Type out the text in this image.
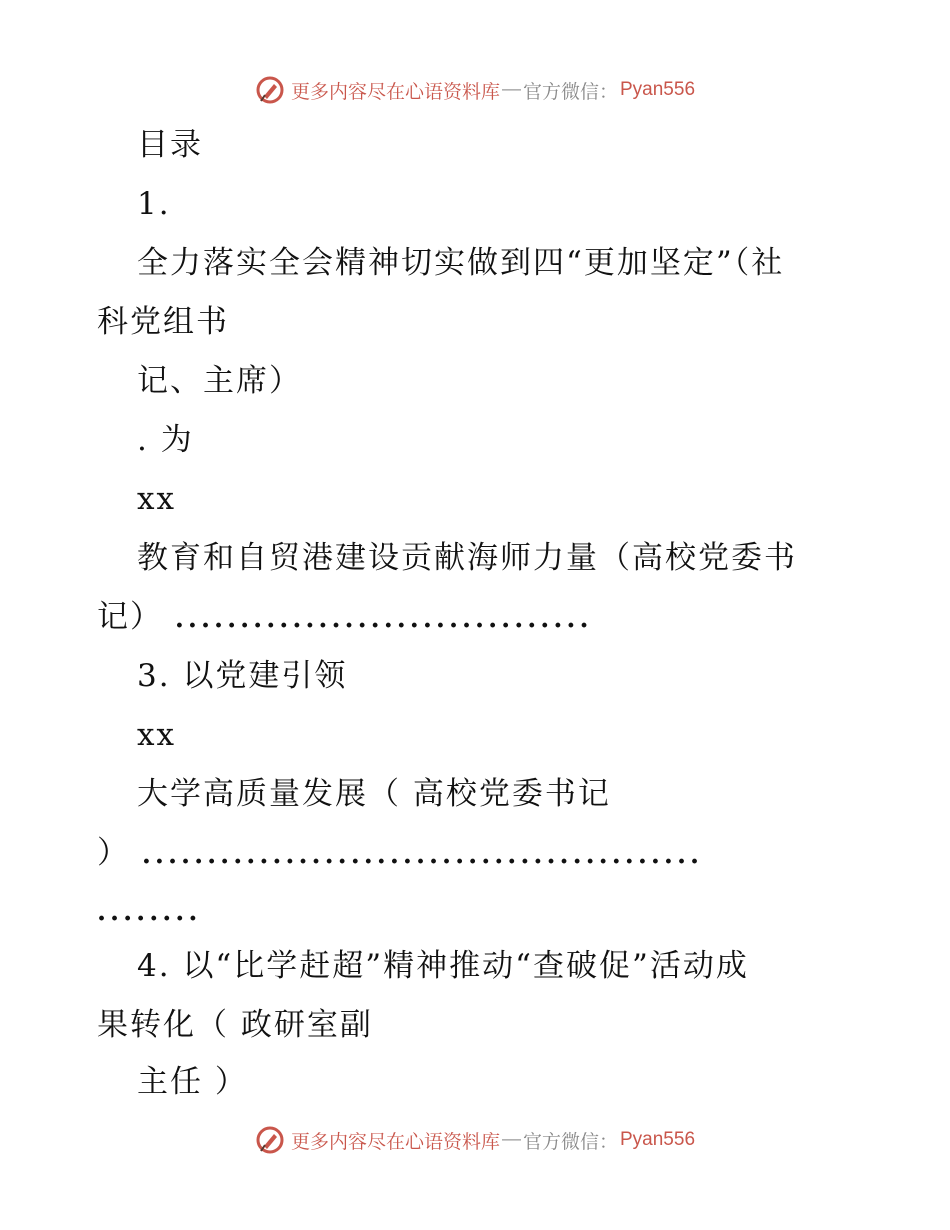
更多内容尽在心语资料库 — 官方微信： Pyan556
目录
1.
全力落实全会精神切实做到四“更加坚定”（社
科党组书
记、主席）
. 为
xx
教育和自贸港建设贡献海师力量（高校党委书
记） ................................
3. 以党建引领
xx
大学高质量发展（ 高校党委书记
） ...........................................
........
4. 以“比学赶超”精神推动“查破促”活动成
果转化（ 政研室副
主任 ）
更多内容尽在心语资料库 — 官方微信： Pyan556
